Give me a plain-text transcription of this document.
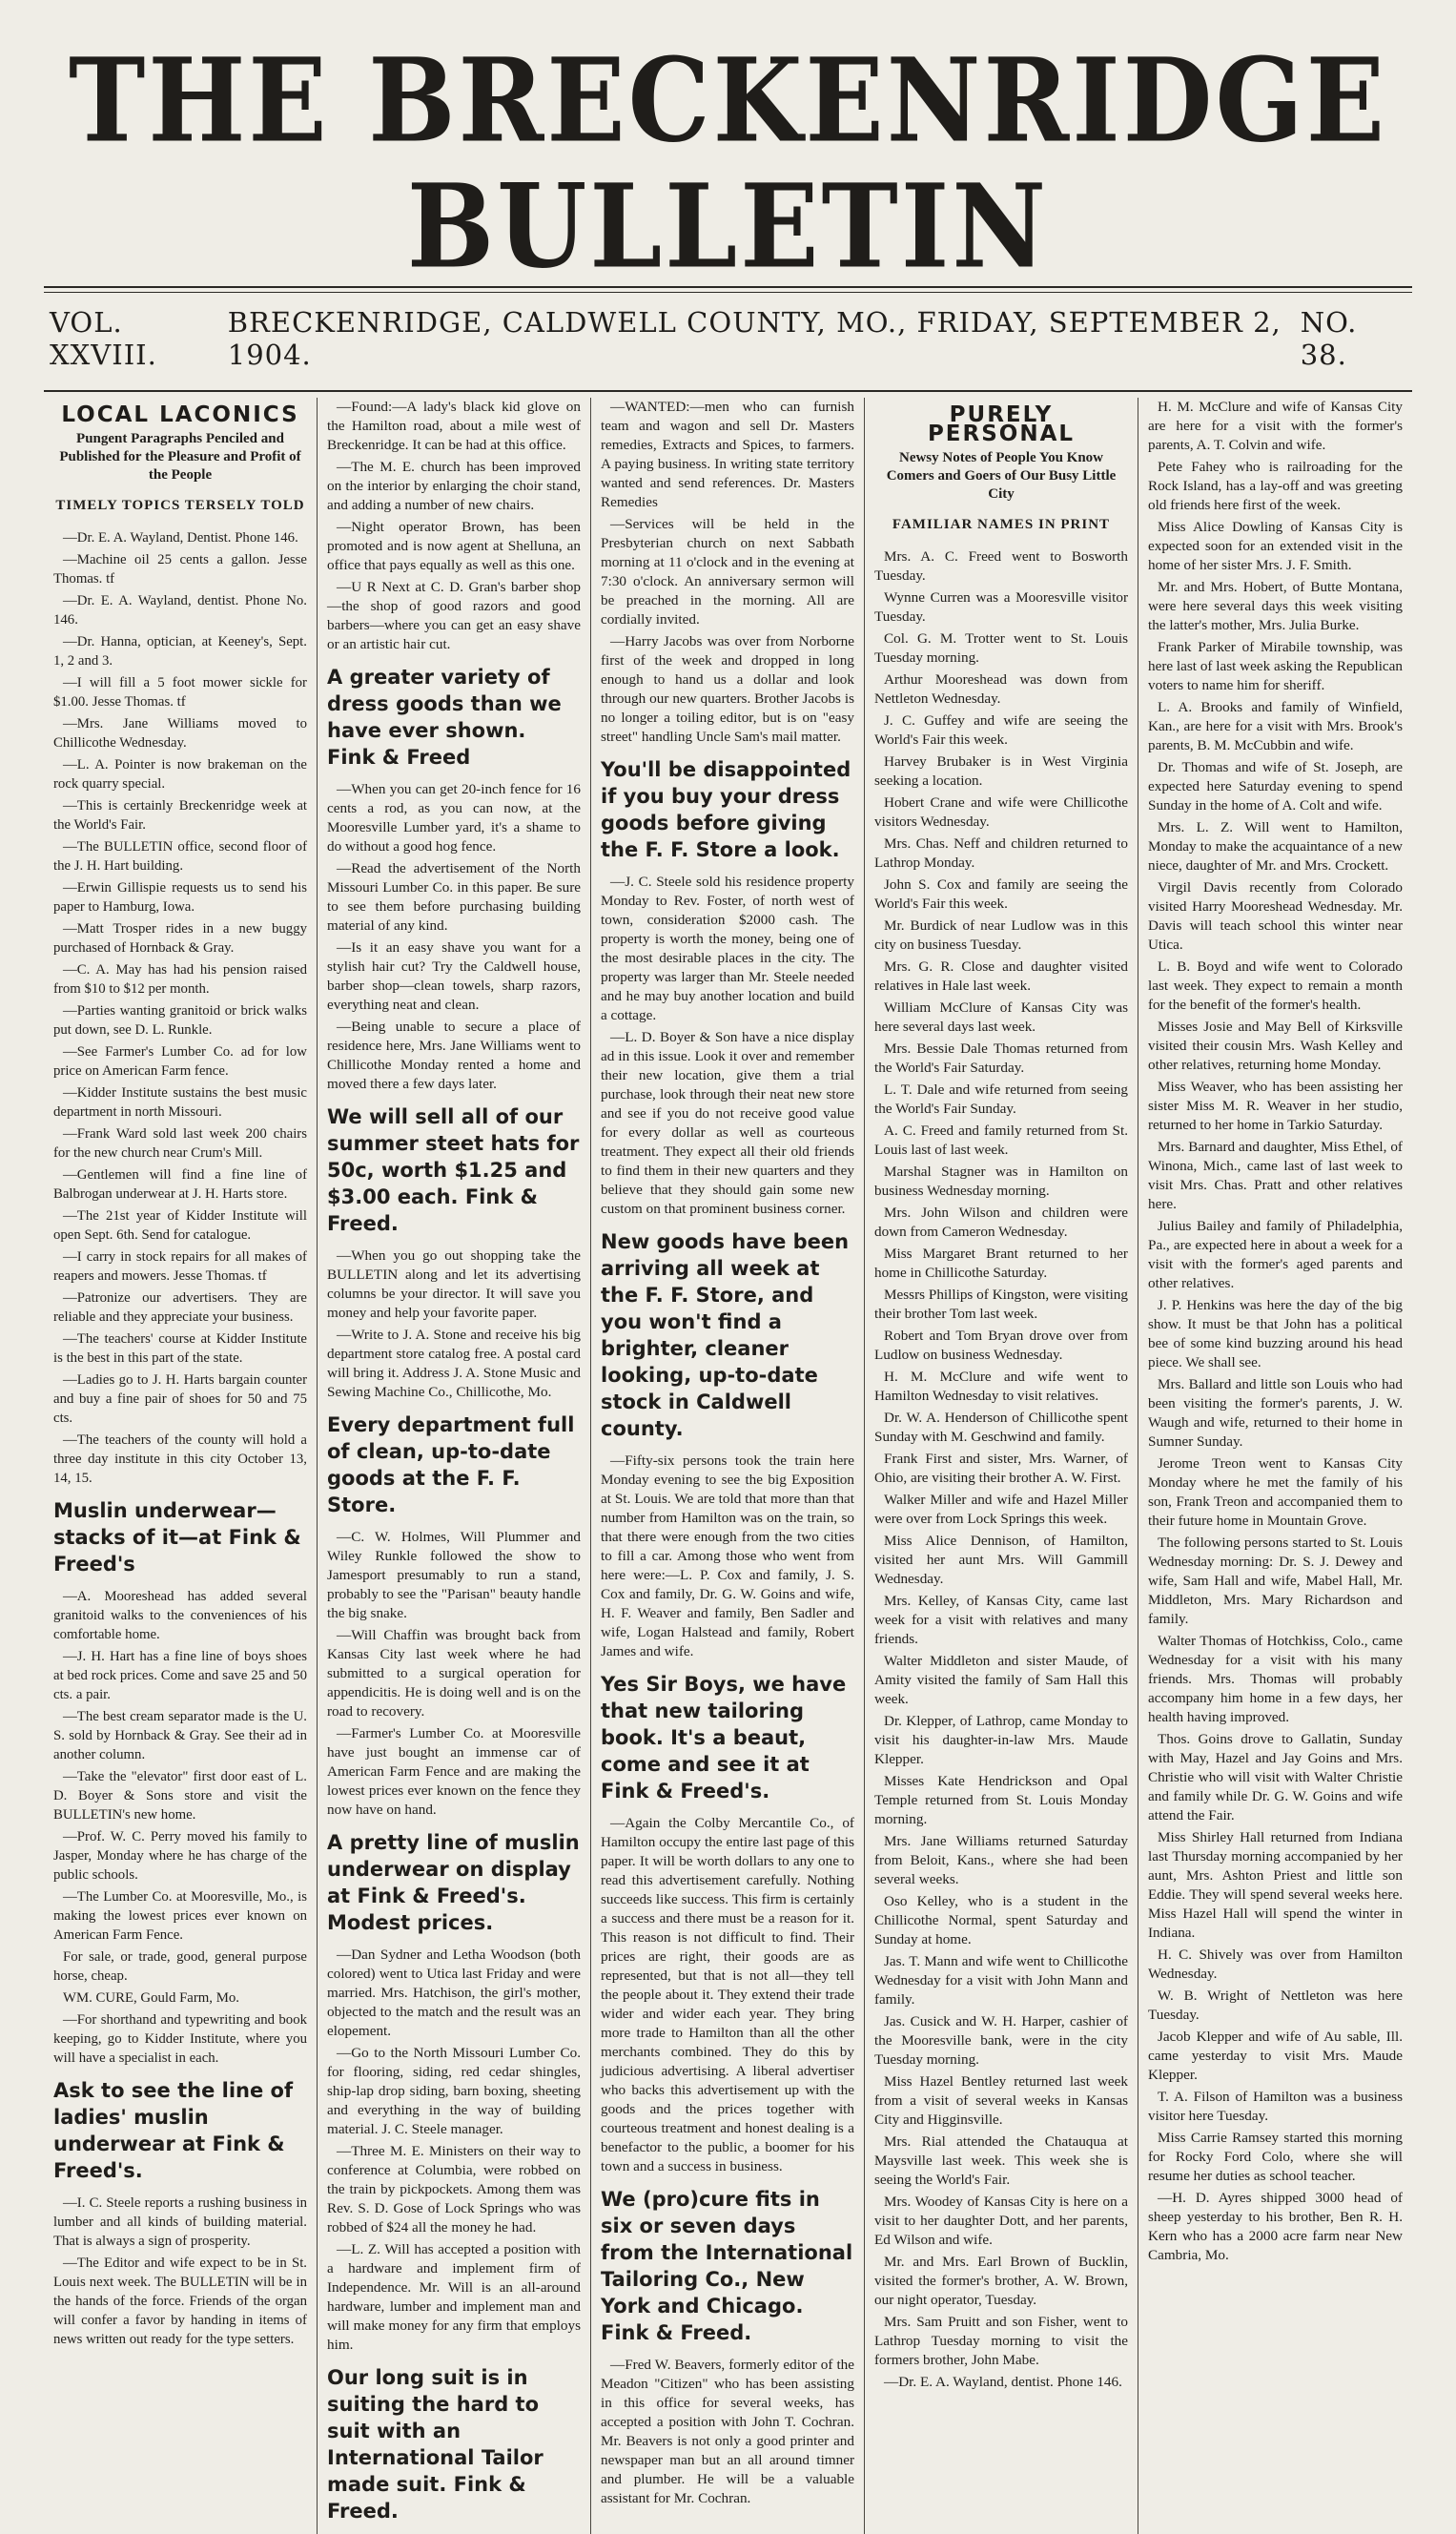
THE BRECKENRIDGE BULLETIN
VOL. XXVIII.
BRECKENRIDGE, CALDWELL COUNTY, MO., FRIDAY, SEPTEMBER 2, 1904.
NO. 38.
LOCAL LACONICS
Pungent Paragraphs Penciled and Published for the Pleasure and Profit of the People
TIMELY TOPICS TERSELY TOLD

—Dr. E. A. Wayland, Dentist. Phone 146.

—Machine oil 25 cents a gallon. Jesse Thomas. tf

—Dr. E. A. Wayland, dentist. Phone No. 146.

—Dr. Hanna, optician, at Keeney's, Sept. 1, 2 and 3.

—I will fill a 5 foot mower sickle for $1.00. Jesse Thomas. tf

—Mrs. Jane Williams moved to Chillicothe Wednesday.

—L. A. Pointer is now brakeman on the rock quarry special.

—This is certainly Breckenridge week at the World's Fair.

—The BULLETIN office, second floor of the J. H. Hart building.

—Erwin Gillispie requests us to send his paper to Hamburg, Iowa.

—Matt Trosper rides in a new buggy purchased of Hornback & Gray.

—C. A. May has had his pension raised from $10 to $12 per month.

—Parties wanting granitoid or brick walks put down, see D. L. Runkle.

—See Farmer's Lumber Co. ad for low price on American Farm fence.

—Kidder Institute sustains the best music department in north Missouri.

—Frank Ward sold last week 200 chairs for the new church near Crum's Mill.

—Gentlemen will find a fine line of Balbrogan underwear at J. H. Harts store.

—The 21st year of Kidder Institute will open Sept. 6th. Send for catalogue.

—I carry in stock repairs for all makes of reapers and mowers. Jesse Thomas. tf

—Patronize our advertisers. They are reliable and they appreciate your business.

—The teachers' course at Kidder Institute is the best in this part of the state.

—Ladies go to J. H. Harts bargain counter and buy a fine pair of shoes for 50 and 75 cts.

—The teachers of the county will hold a three day institute in this city October 13, 14, 15.

Muslin underwear—stacks of it—at Fink & Freed's

—A. Mooreshead has added several granitoid walks to the conveniences of his comfortable home.

—J. H. Hart has a fine line of boys shoes at bed rock prices. Come and save 25 and 50 cts. a pair.

—The best cream separator made is the U. S. sold by Hornback & Gray. See their ad in another column.

—Take the "elevator" first door east of L. D. Boyer & Sons store and visit the BULLETIN's new home.

—Prof. W. C. Perry moved his family to Jasper, Monday where he has charge of the public schools.

—The Lumber Co. at Mooresville, Mo., is making the lowest prices ever known on American Farm Fence.

For sale, or trade, good, general purpose horse, cheap.

WM. CURE, Gould Farm, Mo.

—For shorthand and typewriting and book keeping, go to Kidder Institute, where you will have a specialist in each.

Ask to see the line of ladies' muslin underwear at Fink & Freed's.

—I. C. Steele reports a rushing business in lumber and all kinds of building material. That is always a sign of prosperity.

—The Editor and wife expect to be in St. Louis next week. The BULLETIN will be in the hands of the force. Friends of the organ will confer a favor by handing in items of news written out ready for the type setters.

—Found:—A lady's black kid glove on the Hamilton road, about a mile west of Breckenridge. It can be had at this office.

—The M. E. church has been improved on the interior by enlarging the choir stand, and adding a number of new chairs.

—Night operator Brown, has been promoted and is now agent at Shelluna, an office that pays equally as well as this one.

—U R Next at C. D. Gran's barber shop—the shop of good razors and good barbers—where you can get an easy shave or an artistic hair cut.

A greater variety of dress goods than we have ever shown. Fink & Freed

—When you can get 20-inch fence for 16 cents a rod, as you can now, at the Mooresville Lumber yard, it's a shame to do without a good hog fence.

—Read the advertisement of the North Missouri Lumber Co. in this paper. Be sure to see them before purchasing building material of any kind.

—Is it an easy shave you want for a stylish hair cut? Try the Caldwell house, barber shop—clean towels, sharp razors, everything neat and clean.

—Being unable to secure a place of residence here, Mrs. Jane Williams went to Chillicothe Monday rented a home and moved there a few days later.

We will sell all of our summer steet hats for 50c, worth $1.25 and $3.00 each. Fink & Freed.

—When you go out shopping take the BULLETIN along and let its advertising columns be your director. It will save you money and help your favorite paper.

—Write to J. A. Stone and receive his big department store catalog free. A postal card will bring it. Address J. A. Stone Music and Sewing Machine Co., Chillicothe, Mo.

Every department full of clean, up-to-date goods at the F. F. Store.

—C. W. Holmes, Will Plummer and Wiley Runkle followed the show to Jamesport presumably to run a stand, probably to see the "Parisan" beauty handle the big snake.

—Will Chaffin was brought back from Kansas City last week where he had submitted to a surgical operation for appendicitis. He is doing well and is on the road to recovery.

—Farmer's Lumber Co. at Mooresville have just bought an immense car of American Farm Fence and are making the lowest prices ever known on the fence they now have on hand.

A pretty line of muslin underwear on display at Fink & Freed's. Modest prices.

—Dan Sydner and Letha Woodson (both colored) went to Utica last Friday and were married. Mrs. Hatchison, the girl's mother, objected to the match and the result was an elopement.

—Go to the North Missouri Lumber Co. for flooring, siding, red cedar shingles, ship-lap drop siding, barn boxing, sheeting and everything in the way of building material. J. C. Steele manager.

—Three M. E. Ministers on their way to conference at Columbia, were robbed on the train by pickpockets. Among them was Rev. S. D. Gose of Lock Springs who was robbed of $24 all the money he had.

—L. Z. Will has accepted a position with a hardware and implement firm of Independence. Mr. Will is an all-around hardware, lumber and implement man and will make money for any firm that employs him.

Our long suit is in suiting the hard to suit with an International Tailor made suit. Fink & Freed.

—WANTED:—men who can furnish team and wagon and sell Dr. Masters remedies, Extracts and Spices, to farmers. A paying business. In writing state territory wanted and send references. Dr. Masters Remedies

—Services will be held in the Presbyterian church on next Sabbath morning at 11 o'clock and in the evening at 7:30 o'clock. An anniversary sermon will be preached in the morning. All are cordially invited.

—Harry Jacobs was over from Norborne first of the week and dropped in long enough to hand us a dollar and look through our new quarters. Brother Jacobs is no longer a toiling editor, but is on "easy street" handling Uncle Sam's mail matter.

You'll be disappointed if you buy your dress goods before giving the F. F. Store a look.

—J. C. Steele sold his residence property Monday to Rev. Foster, of north west of town, consideration $2000 cash. The property is worth the money, being one of the most desirable places in the city. The property was larger than Mr. Steele needed and he may buy another location and build a cottage.

—L. D. Boyer & Son have a nice display ad in this issue. Look it over and remember their new location, give them a trial purchase, look through their neat new store and see if you do not receive good value for every dollar as well as courteous treatment. They expect all their old friends to find them in their new quarters and they believe that they should gain some new custom on that prominent business corner.

New goods have been arriving all week at the F. F. Store, and you won't find a brighter, cleaner looking, up-to-date stock in Caldwell county.

—Fifty-six persons took the train here Monday evening to see the big Exposition at St. Louis. We are told that more than that number from Hamilton was on the train, so that there were enough from the two cities to fill a car. Among those who went from here were:—L. P. Cox and family, J. S. Cox and family, Dr. G. W. Goins and wife, H. F. Weaver and family, Ben Sadler and wife, Logan Halstead and family, Robert James and wife.

Yes Sir Boys, we have that new tailoring book. It's a beaut, come and see it at Fink & Freed's.

—Again the Colby Mercantile Co., of Hamilton occupy the entire last page of this paper. It will be worth dollars to any one to read this advertisement carefully. Nothing succeeds like success. This firm is certainly a success and there must be a reason for it. This reason is not difficult to find. Their prices are right, their goods are as represented, but that is not all—they tell the people about it. They extend their trade wider and wider each year. They bring more trade to Hamilton than all the other merchants combined. They do this by judicious advertising. A liberal advertiser who backs this advertisement up with the goods and the prices together with courteous treatment and honest dealing is a benefactor to the public, a boomer for his town and a success in business.

We (pro)cure fits in six or seven days from the International Tailoring Co., New York and Chicago. Fink & Freed.

—Fred W. Beavers, formerly editor of the Meadon "Citizen" who has been assisting in this office for several weeks, has accepted a position with John T. Cochran. Mr. Beavers is not only a good printer and newspaper man but an all around timner and plumber. He will be a valuable assistant for Mr. Cochran.

PURELY PERSONAL
Newsy Notes of People You Know Comers and Goers of Our Busy Little City
FAMILIAR NAMES IN PRINT

Mrs. A. C. Freed went to Bosworth Tuesday.

Wynne Curren was a Mooresville visitor Tuesday.

Col. G. M. Trotter went to St. Louis Tuesday morning.

Arthur Mooreshead was down from Nettleton Wednesday.

J. C. Guffey and wife are seeing the World's Fair this week.

Harvey Brubaker is in West Virginia seeking a location.

Hobert Crane and wife were Chillicothe visitors Wednesday.

Mrs. Chas. Neff and children returned to Lathrop Monday.

John S. Cox and family are seeing the World's Fair this week.

Mr. Burdick of near Ludlow was in this city on business Tuesday.

Mrs. G. R. Close and daughter visited relatives in Hale last week.

William McClure of Kansas City was here several days last week.

Mrs. Bessie Dale Thomas returned from the World's Fair Saturday.

L. T. Dale and wife returned from seeing the World's Fair Sunday.

A. C. Freed and family returned from St. Louis last of last week.

Marshal Stagner was in Hamilton on business Wednesday morning.

Mrs. John Wilson and children were down from Cameron Wednesday.

Miss Margaret Brant returned to her home in Chillicothe Saturday.

Messrs Phillips of Kingston, were visiting their brother Tom last week.

Robert and Tom Bryan drove over from Ludlow on business Wednesday.

H. M. McClure and wife went to Hamilton Wednesday to visit relatives.

Dr. W. A. Henderson of Chillicothe spent Sunday with M. Geschwind and family.

Frank First and sister, Mrs. Warner, of Ohio, are visiting their brother A. W. First.

Walker Miller and wife and Hazel Miller were over from Lock Springs this week.

Miss Alice Dennison, of Hamilton, visited her aunt Mrs. Will Gammill Wednesday.

Mrs. Kelley, of Kansas City, came last week for a visit with relatives and many friends.

Walter Middleton and sister Maude, of Amity visited the family of Sam Hall this week.

Dr. Klepper, of Lathrop, came Monday to visit his daughter-in-law Mrs. Maude Klepper.

Misses Kate Hendrickson and Opal Temple returned from St. Louis Monday morning.

Mrs. Jane Williams returned Saturday from Beloit, Kans., where she had been several weeks.

Oso Kelley, who is a student in the Chillicothe Normal, spent Saturday and Sunday at home.

Jas. T. Mann and wife went to Chillicothe Wednesday for a visit with John Mann and family.

Jas. Cusick and W. H. Harper, cashier of the Mooresville bank, were in the city Tuesday morning.

Miss Hazel Bentley returned last week from a visit of several weeks in Kansas City and Higginsville.

Mrs. Rial attended the Chatauqua at Maysville last week. This week she is seeing the World's Fair.

Mrs. Woodey of Kansas City is here on a visit to her daughter Dott, and her parents, Ed Wilson and wife.

Mr. and Mrs. Earl Brown of Bucklin, visited the former's brother, A. W. Brown, our night operator, Tuesday.

Mrs. Sam Pruitt and son Fisher, went to Lathrop Tuesday morning to visit the formers brother, John Mabe.

—Dr. E. A. Wayland, dentist. Phone 146.

H. M. McClure and wife of Kansas City are here for a visit with the former's parents, A. T. Colvin and wife.

Pete Fahey who is railroading for the Rock Island, has a lay-off and was greeting old friends here first of the week.

Miss Alice Dowling of Kansas City is expected soon for an extended visit in the home of her sister Mrs. J. F. Smith.

Mr. and Mrs. Hobert, of Butte Montana, were here several days this week visiting the latter's mother, Mrs. Julia Burke.

Frank Parker of Mirabile township, was here last of last week asking the Republican voters to name him for sheriff.

L. A. Brooks and family of Winfield, Kan., are here for a visit with Mrs. Brook's parents, B. M. McCubbin and wife.

Dr. Thomas and wife of St. Joseph, are expected here Saturday evening to spend Sunday in the home of A. Colt and wife.

Mrs. L. Z. Will went to Hamilton, Monday to make the acquaintance of a new niece, daughter of Mr. and Mrs. Crockett.

Virgil Davis recently from Colorado visited Harry Mooreshead Wednesday. Mr. Davis will teach school this winter near Utica.

L. B. Boyd and wife went to Colorado last week. They expect to remain a month for the benefit of the former's health.

Misses Josie and May Bell of Kirksville visited their cousin Mrs. Wash Kelley and other relatives, returning home Monday.

Miss Weaver, who has been assisting her sister Miss M. R. Weaver in her studio, returned to her home in Tarkio Saturday.

Mrs. Barnard and daughter, Miss Ethel, of Winona, Mich., came last of last week to visit Mrs. Chas. Pratt and other relatives here.

Julius Bailey and family of Philadelphia, Pa., are expected here in about a week for a visit with the former's aged parents and other relatives.

J. P. Henkins was here the day of the big show. It must be that John has a political bee of some kind buzzing around his head piece. We shall see.

Mrs. Ballard and little son Louis who had been visiting the former's parents, J. W. Waugh and wife, returned to their home in Sumner Sunday.

Jerome Treon went to Kansas City Monday where he met the family of his son, Frank Treon and accompanied them to their future home in Mountain Grove.

The following persons started to St. Louis Wednesday morning: Dr. S. J. Dewey and wife, Sam Hall and wife, Mabel Hall, Mr. Middleton, Mrs. Mary Richardson and family.

Walter Thomas of Hotchkiss, Colo., came Wednesday for a visit with his many friends. Mrs. Thomas will probably accompany him home in a few days, her health having improved.

Thos. Goins drove to Gallatin, Sunday with May, Hazel and Jay Goins and Mrs. Christie who will visit with Walter Christie and family while Dr. G. W. Goins and wife attend the Fair.

Miss Shirley Hall returned from Indiana last Thursday morning accompanied by her aunt, Mrs. Ashton Priest and little son Eddie. They will spend several weeks here. Miss Hazel Hall will spend the winter in Indiana.

H. C. Shively was over from Hamilton Wednesday.

W. B. Wright of Nettleton was here Tuesday.

Jacob Klepper and wife of Au sable, Ill. came yesterday to visit Mrs. Maude Klepper.

T. A. Filson of Hamilton was a business visitor here Tuesday.

Miss Carrie Ramsey started this morning for Rocky Ford Colo, where she will resume her duties as school teacher.

—H. D. Ayres shipped 3000 head of sheep yesterday to his brother, Ben R. H. Kern who has a 2000 acre farm near New Cambria, Mo.
